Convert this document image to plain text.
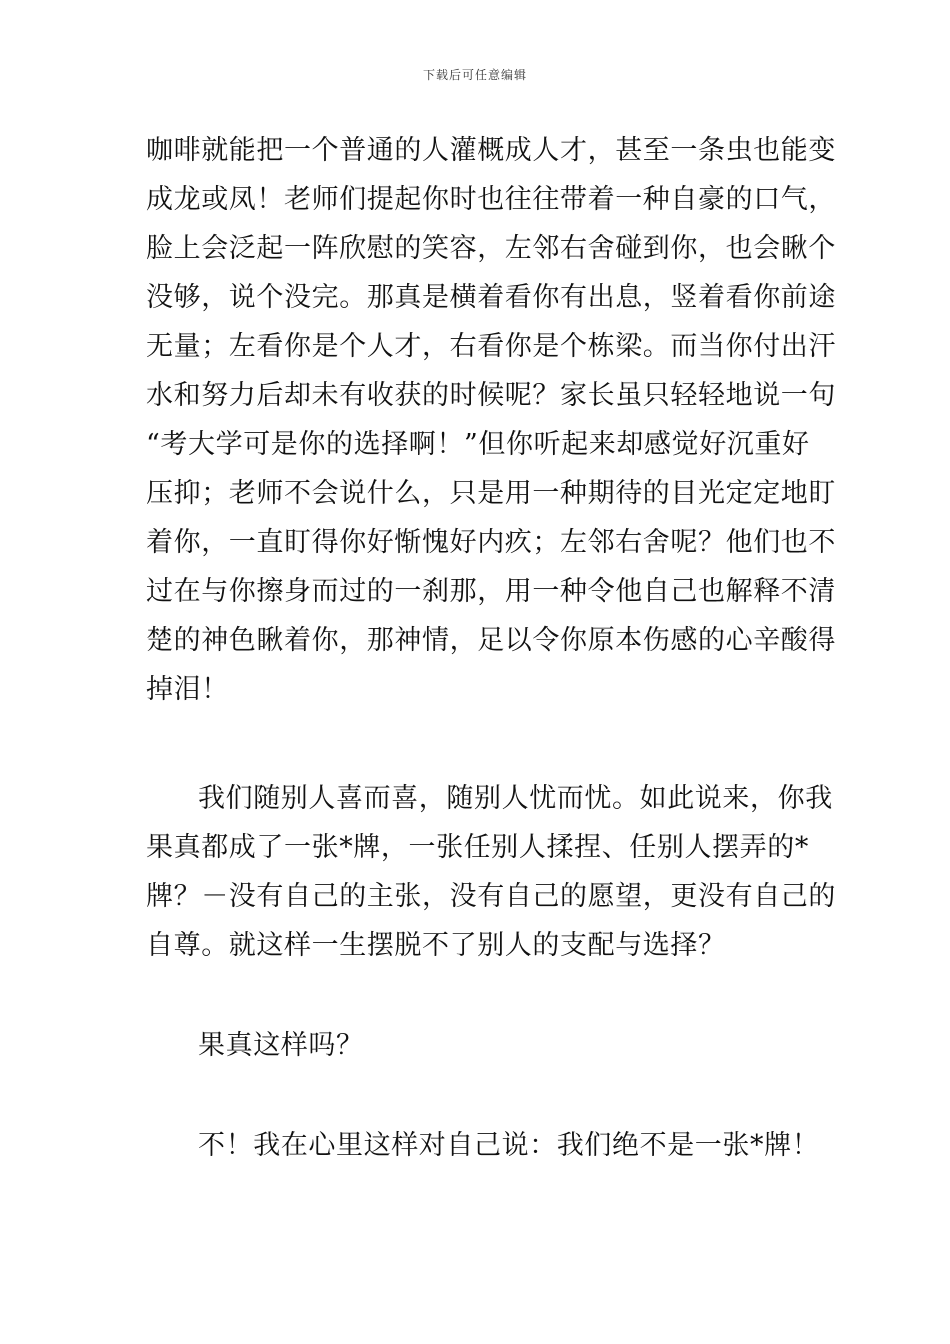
下载后可任意编辑
咖啡就能把一个普通的人灌概成人才，甚至一条虫也能变
成龙或凤！老师们提起你时也往往带着一种自豪的口气，
脸上会泛起一阵欣慰的笑容，左邻右舍碰到你，也会瞅个
没够，说个没完。那真是横着看你有出息，竖着看你前途
无量；左看你是个人才，右看你是个栋梁。而当你付出汗
水和努力后却未有收获的时候呢？家长虽只轻轻地说一句
“考大学可是你的选择啊！”但你听起来却感觉好沉重好
压抑；老师不会说什么，只是用一种期待的目光定定地盯
着你，一直盯得你好惭愧好内疚；左邻右舍呢？他们也不
过在与你擦身而过的一刹那，用一种令他自己也解释不清
楚的神色瞅着你，那神情，足以令你原本伤感的心辛酸得
掉泪！
我们随别人喜而喜，随别人忧而忧。如此说来，你我
果真都成了一张*牌，一张任别人揉捏、任别人摆弄的*
牌？－没有自己的主张，没有自己的愿望，更没有自己的
自尊。就这样一生摆脱不了别人的支配与选择？
果真这样吗？
不！我在心里这样对自己说：我们绝不是一张*牌！
